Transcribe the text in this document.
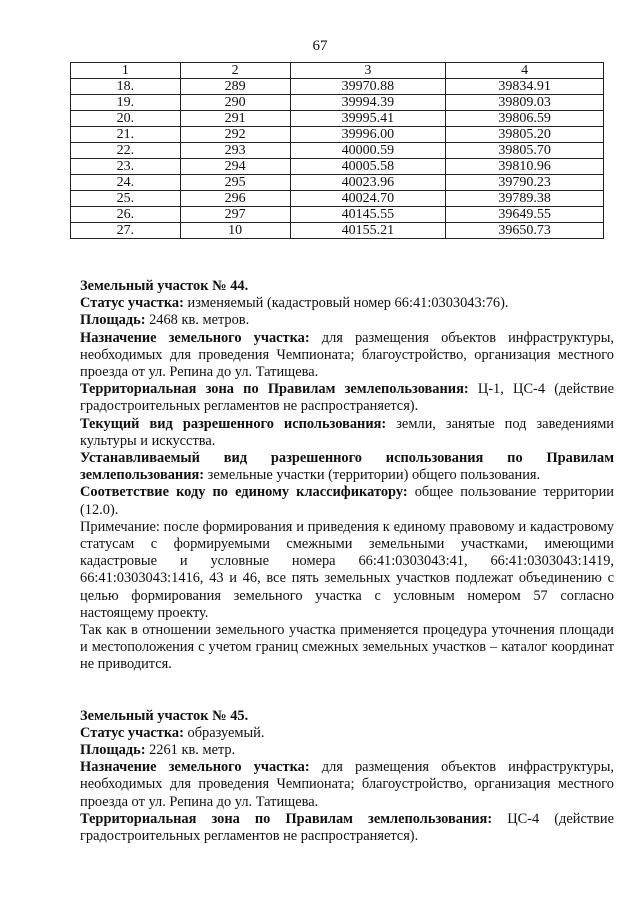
67
1	2	3	4
18.	289	39970.88	39834.91
19.	290	39994.39	39809.03
20.	291	39995.41	39806.59
21.	292	39996.00	39805.20
22.	293	40000.59	39805.70
23.	294	40005.58	39810.96
24.	295	40023.96	39790.23
25.	296	40024.70	39789.38
26.	297	40145.55	39649.55
27.	10	40155.21	39650.73

Земельный участок № 44.

Статус участка: изменяемый (кадастровый номер 66:41:0303043:76).

Площадь: 2468 кв. метров.

Назначение земельного участка: для размещения объектов инфраструктуры, необходимых для проведения Чемпионата; благоустройство, организация местного проезда от ул. Репина до ул. Татищева.

Территориальная зона по Правилам землепользования: Ц-1, ЦС-4 (действие градостроительных регламентов не распространяется).

Текущий вид разрешенного использования: земли, занятые под заведениями культуры и искусства.

Устанавливаемый вид разрешенного использования по Правилам землепользования: земельные участки (территории) общего пользования.

Соответствие коду по единому классификатору: общее пользование территории (12.0).

Примечание: после формирования и приведения к единому правовому и кадастровому статусам с формируемыми смежными земельными участками, имеющими кадастровые и условные номера 66:41:0303043:41, 66:41:0303043:1419, 66:41:0303043:1416, 43 и 46, все пять земельных участков подлежат объединению с целью формирования земельного участка с условным номером 57 согласно настоящему проекту.

Так как в отношении земельного участка применяется процедура уточнения площади и местоположения с учетом границ смежных земельных участков – каталог координат не приводится.

Земельный участок № 45.

Статус участка: образуемый.

Площадь: 2261 кв. метр.

Назначение земельного участка: для размещения объектов инфраструктуры, необходимых для проведения Чемпионата; благоустройство, организация местного проезда от ул. Репина до ул. Татищева.

Территориальная зона по Правилам землепользования: ЦС-4 (действие градостроительных регламентов не распространяется).
